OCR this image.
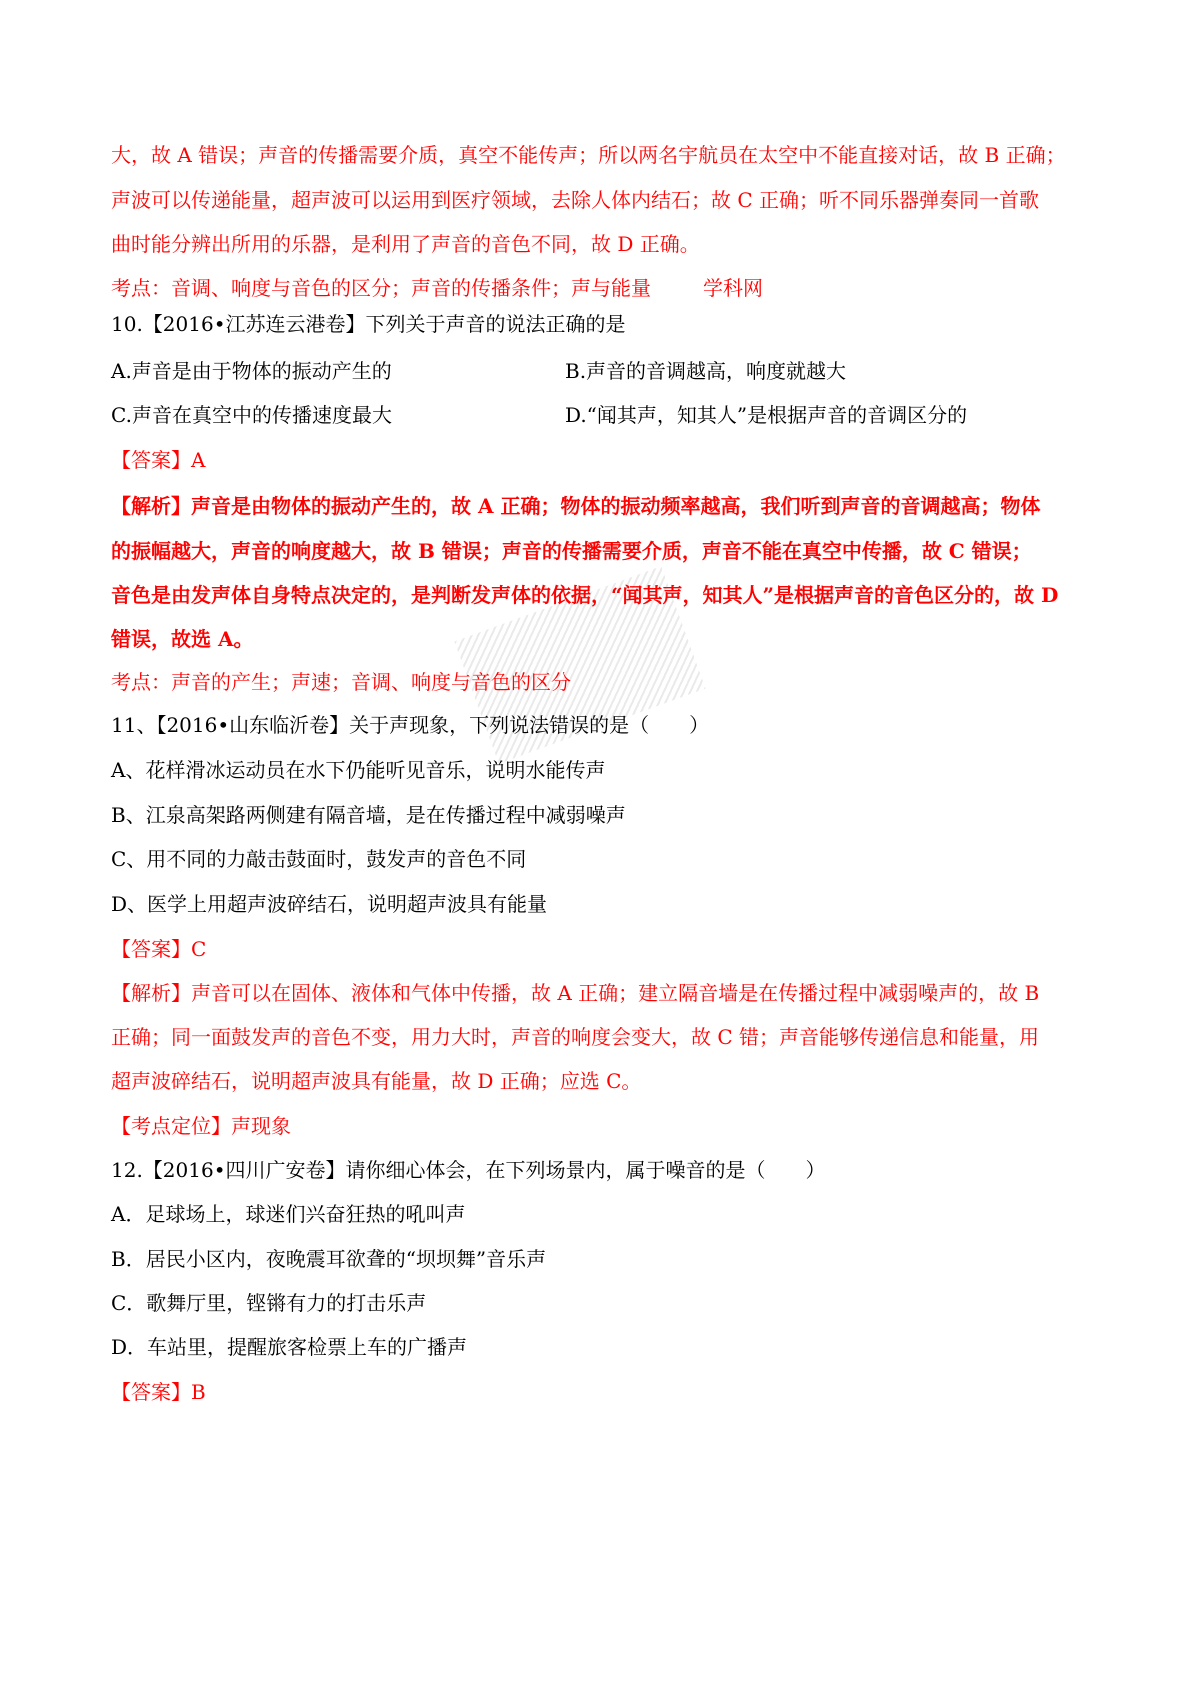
大，故 A 错误；声音的传播需要介质，真空不能传声；所以两名宇航员在太空中不能直接对话，故 B 正确；
声波可以传递能量，超声波可以运用到医疗领域，去除人体内结石；故 C 正确；听不同乐器弹奏同一首歌
曲时能分辨出所用的乐器，是利用了声音的音色不同，故 D 正确。
考点：音调、响度与音色的区分；声音的传播条件；声与能量	学科网
10.【2016•江苏连云港卷】下列关于声音的说法正确的是
A.声音是由于物体的振动产生的	B.声音的音调越高，响度就越大
C.声音在真空中的传播速度最大	D.“闻其声，知其人”是根据声音的音调区分的
【答案】A
【解析】声音是由物体的振动产生的，故 A 正确；物体的振动频率越高，我们听到声音的音调越高；物体
的振幅越大，声音的响度越大，故 B 错误；声音的传播需要介质，声音不能在真空中传播，故 C 错误；
音色是由发声体自身特点决定的，是判断发声体的依据，“闻其声，知其人”是根据声音的音色区分的，故 D
错误，故选 A。
考点：声音的产生；声速；音调、响度与音色的区分
11、【2016•山东临沂卷】关于声现象，下列说法错误的是（　　）
A、花样滑冰运动员在水下仍能听见音乐，说明水能传声
B、江泉高架路两侧建有隔音墙，是在传播过程中减弱噪声
C、用不同的力敲击鼓面时，鼓发声的音色不同
D、医学上用超声波碎结石，说明超声波具有能量
【答案】C
【解析】声音可以在固体、液体和气体中传播，故 A 正确；建立隔音墙是在传播过程中减弱噪声的，故 B
正确；同一面鼓发声的音色不变，用力大时，声音的响度会变大，故 C 错；声音能够传递信息和能量，用
超声波碎结石，说明超声波具有能量，故 D 正确；应选 C。
【考点定位】声现象
12.【2016•四川广安卷】请你细心体会，在下列场景内，属于噪音的是（　　）
A．足球场上，球迷们兴奋狂热的吼叫声
B．居民小区内，夜晚震耳欲聋的“坝坝舞”音乐声
C．歌舞厅里，铿锵有力的打击乐声
D．车站里，提醒旅客检票上车的广播声
【答案】B
